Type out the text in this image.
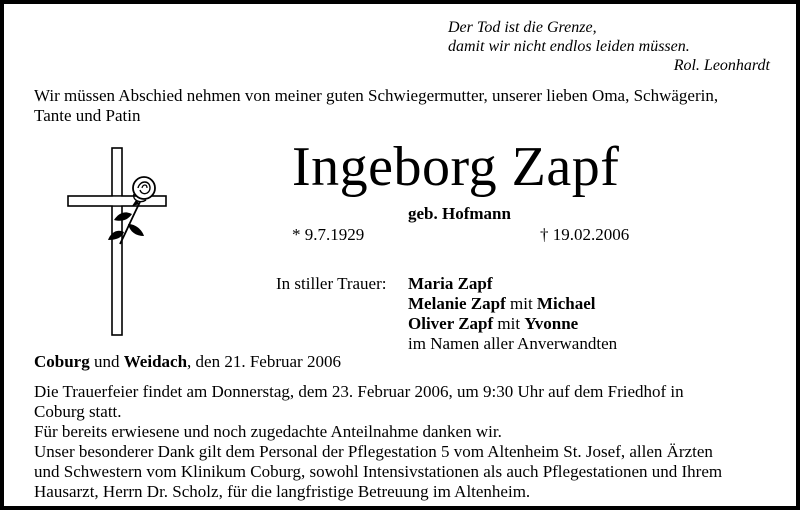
Der Tod ist die Grenze,
damit wir nicht endlos leiden müssen.
Rol. Leonhardt
Wir müssen Abschied nehmen von meiner guten Schwiegermutter, unserer lieben Oma, Schwägerin,
Tante und Patin
Ingeborg Zapf
geb. Hofmann
* 9.7.1929	† 19.02.2006
In stiller Trauer: Maria Zapf
Melanie Zapf mit Michael
Oliver Zapf mit Yvonne
im Namen aller Anverwandten
Coburg und Weidach, den 21. Februar 2006

Die Trauerfeier findet am Donnerstag, dem 23. Februar 2006, um 9:30 Uhr auf dem Friedhof in

Coburg statt.

Für bereits erwiesene und noch zugedachte Anteilnahme danken wir.

Unser besonderer Dank gilt dem Personal der Pflegestation 5 vom Altenheim St. Josef, allen Ärzten

und Schwestern vom Klinikum Coburg, sowohl Intensivstationen als auch Pflegestationen und Ihrem

Hausarzt, Herrn Dr. Scholz, für die langfristige Betreuung im Altenheim.
